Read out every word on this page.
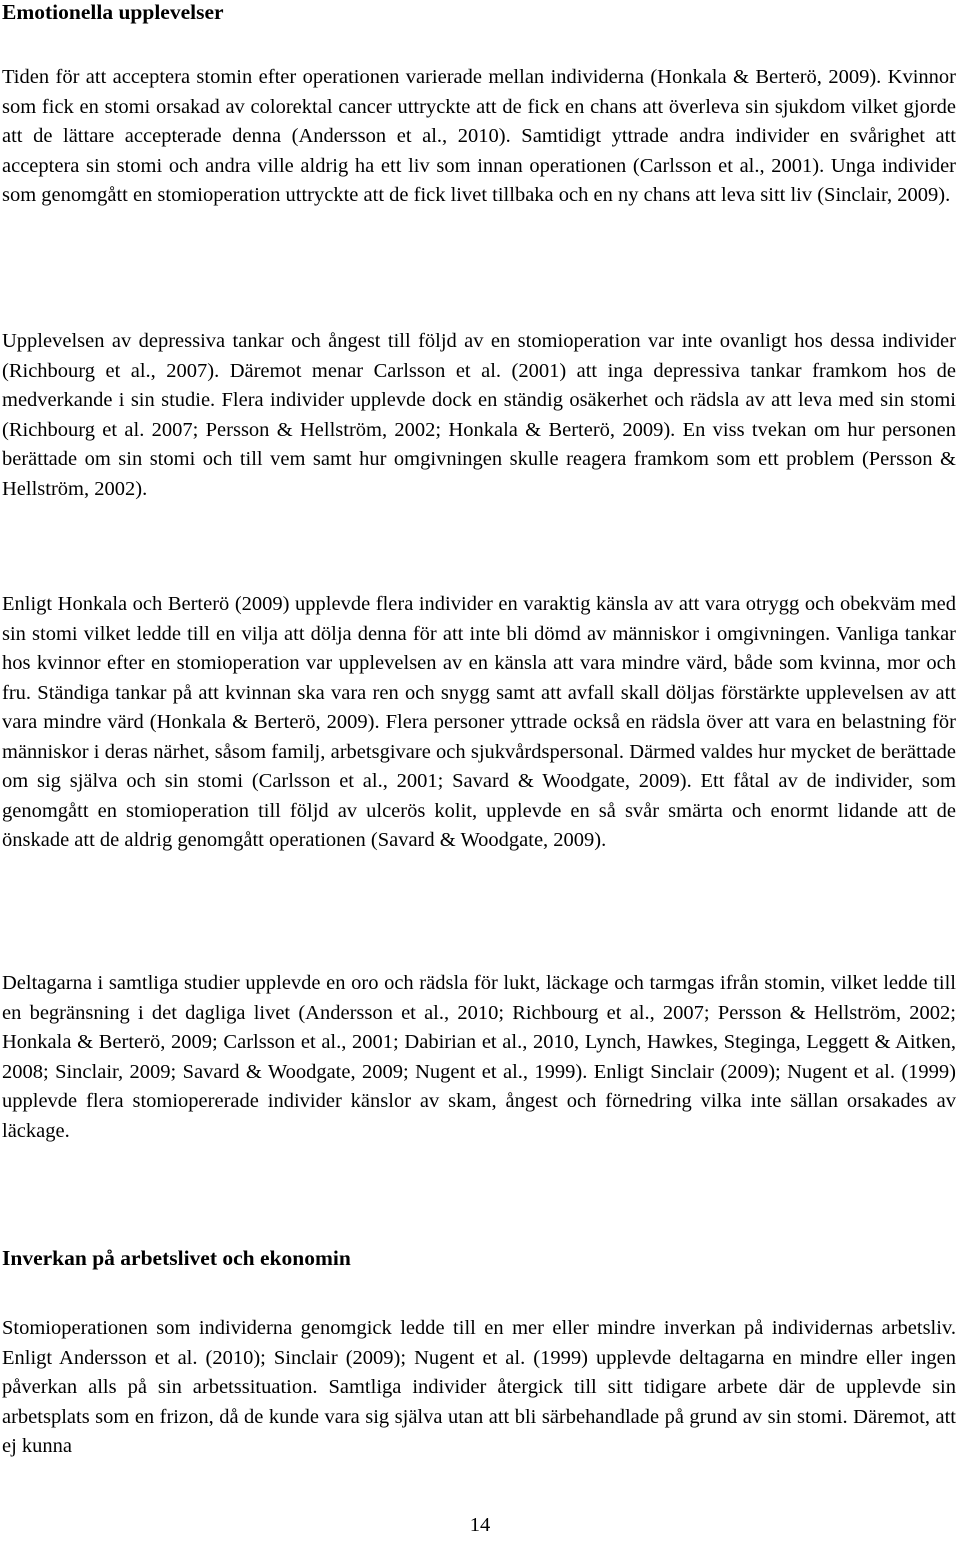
Emotionella upplevelser

Tiden för att acceptera stomin efter operationen varierade mellan individerna (Honkala & Berterö, 2009). Kvinnor som fick en stomi orsakad av colorektal cancer uttryckte att de fick en chans att överleva sin sjukdom vilket gjorde att de lättare accepterade denna (Andersson et al., 2010). Samtidigt yttrade andra individer en svårighet att acceptera sin stomi och andra ville aldrig ha ett liv som innan operationen (Carlsson et al., 2001). Unga individer som genomgått en stomioperation uttryckte att de fick livet tillbaka och en ny chans att leva sitt liv (Sinclair, 2009).

Upplevelsen av depressiva tankar och ångest till följd av en stomioperation var inte ovanligt hos dessa individer (Richbourg et al., 2007). Däremot menar Carlsson et al. (2001) att inga depressiva tankar framkom hos de medverkande i sin studie. Flera individer upplevde dock en ständig osäkerhet och rädsla av att leva med sin stomi (Richbourg et al. 2007; Persson & Hellström, 2002; Honkala & Berterö, 2009). En viss tvekan om hur personen berättade om sin stomi och till vem samt hur omgivningen skulle reagera framkom som ett problem (Persson & Hellström, 2002).

Enligt Honkala och Berterö (2009) upplevde flera individer en varaktig känsla av att vara otrygg och obekväm med sin stomi vilket ledde till en vilja att dölja denna för att inte bli dömd av människor i omgivningen. Vanliga tankar hos kvinnor efter en stomioperation var upplevelsen av en känsla att vara mindre värd, både som kvinna, mor och fru. Ständiga tankar på att kvinnan ska vara ren och snygg samt att avfall skall döljas förstärkte upplevelsen av att vara mindre värd (Honkala & Berterö, 2009). Flera personer yttrade också en rädsla över att vara en belastning för människor i deras närhet, såsom familj, arbetsgivare och sjukvårdspersonal. Därmed valdes hur mycket de berättade om sig själva och sin stomi (Carlsson et al., 2001; Savard & Woodgate, 2009). Ett fåtal av de individer, som genomgått en stomioperation till följd av ulcerös kolit, upplevde en så svår smärta och enormt lidande att de önskade att de aldrig genomgått operationen (Savard & Woodgate, 2009).

Deltagarna i samtliga studier upplevde en oro och rädsla för lukt, läckage och tarmgas ifrån stomin, vilket ledde till en begränsning i det dagliga livet (Andersson et al., 2010; Richbourg et al., 2007; Persson & Hellström, 2002; Honkala & Berterö, 2009; Carlsson et al., 2001; Dabirian et al., 2010, Lynch, Hawkes, Steginga, Leggett & Aitken, 2008; Sinclair, 2009; Savard & Woodgate, 2009; Nugent et al., 1999). Enligt Sinclair (2009); Nugent et al. (1999) upplevde flera stomiopererade individer känslor av skam, ångest och förnedring vilka inte sällan orsakades av läckage.

Inverkan på arbetslivet och ekonomin

Stomioperationen som individerna genomgick ledde till en mer eller mindre inverkan på individernas arbetsliv. Enligt Andersson et al. (2010); Sinclair (2009); Nugent et al. (1999) upplevde deltagarna en mindre eller ingen påverkan alls på sin arbetssituation. Samtliga individer återgick till sitt tidigare arbete där de upplevde sin arbetsplats som en frizon, då de kunde vara sig själva utan att bli särbehandlade på grund av sin stomi. Däremot, att ej kunna

14
